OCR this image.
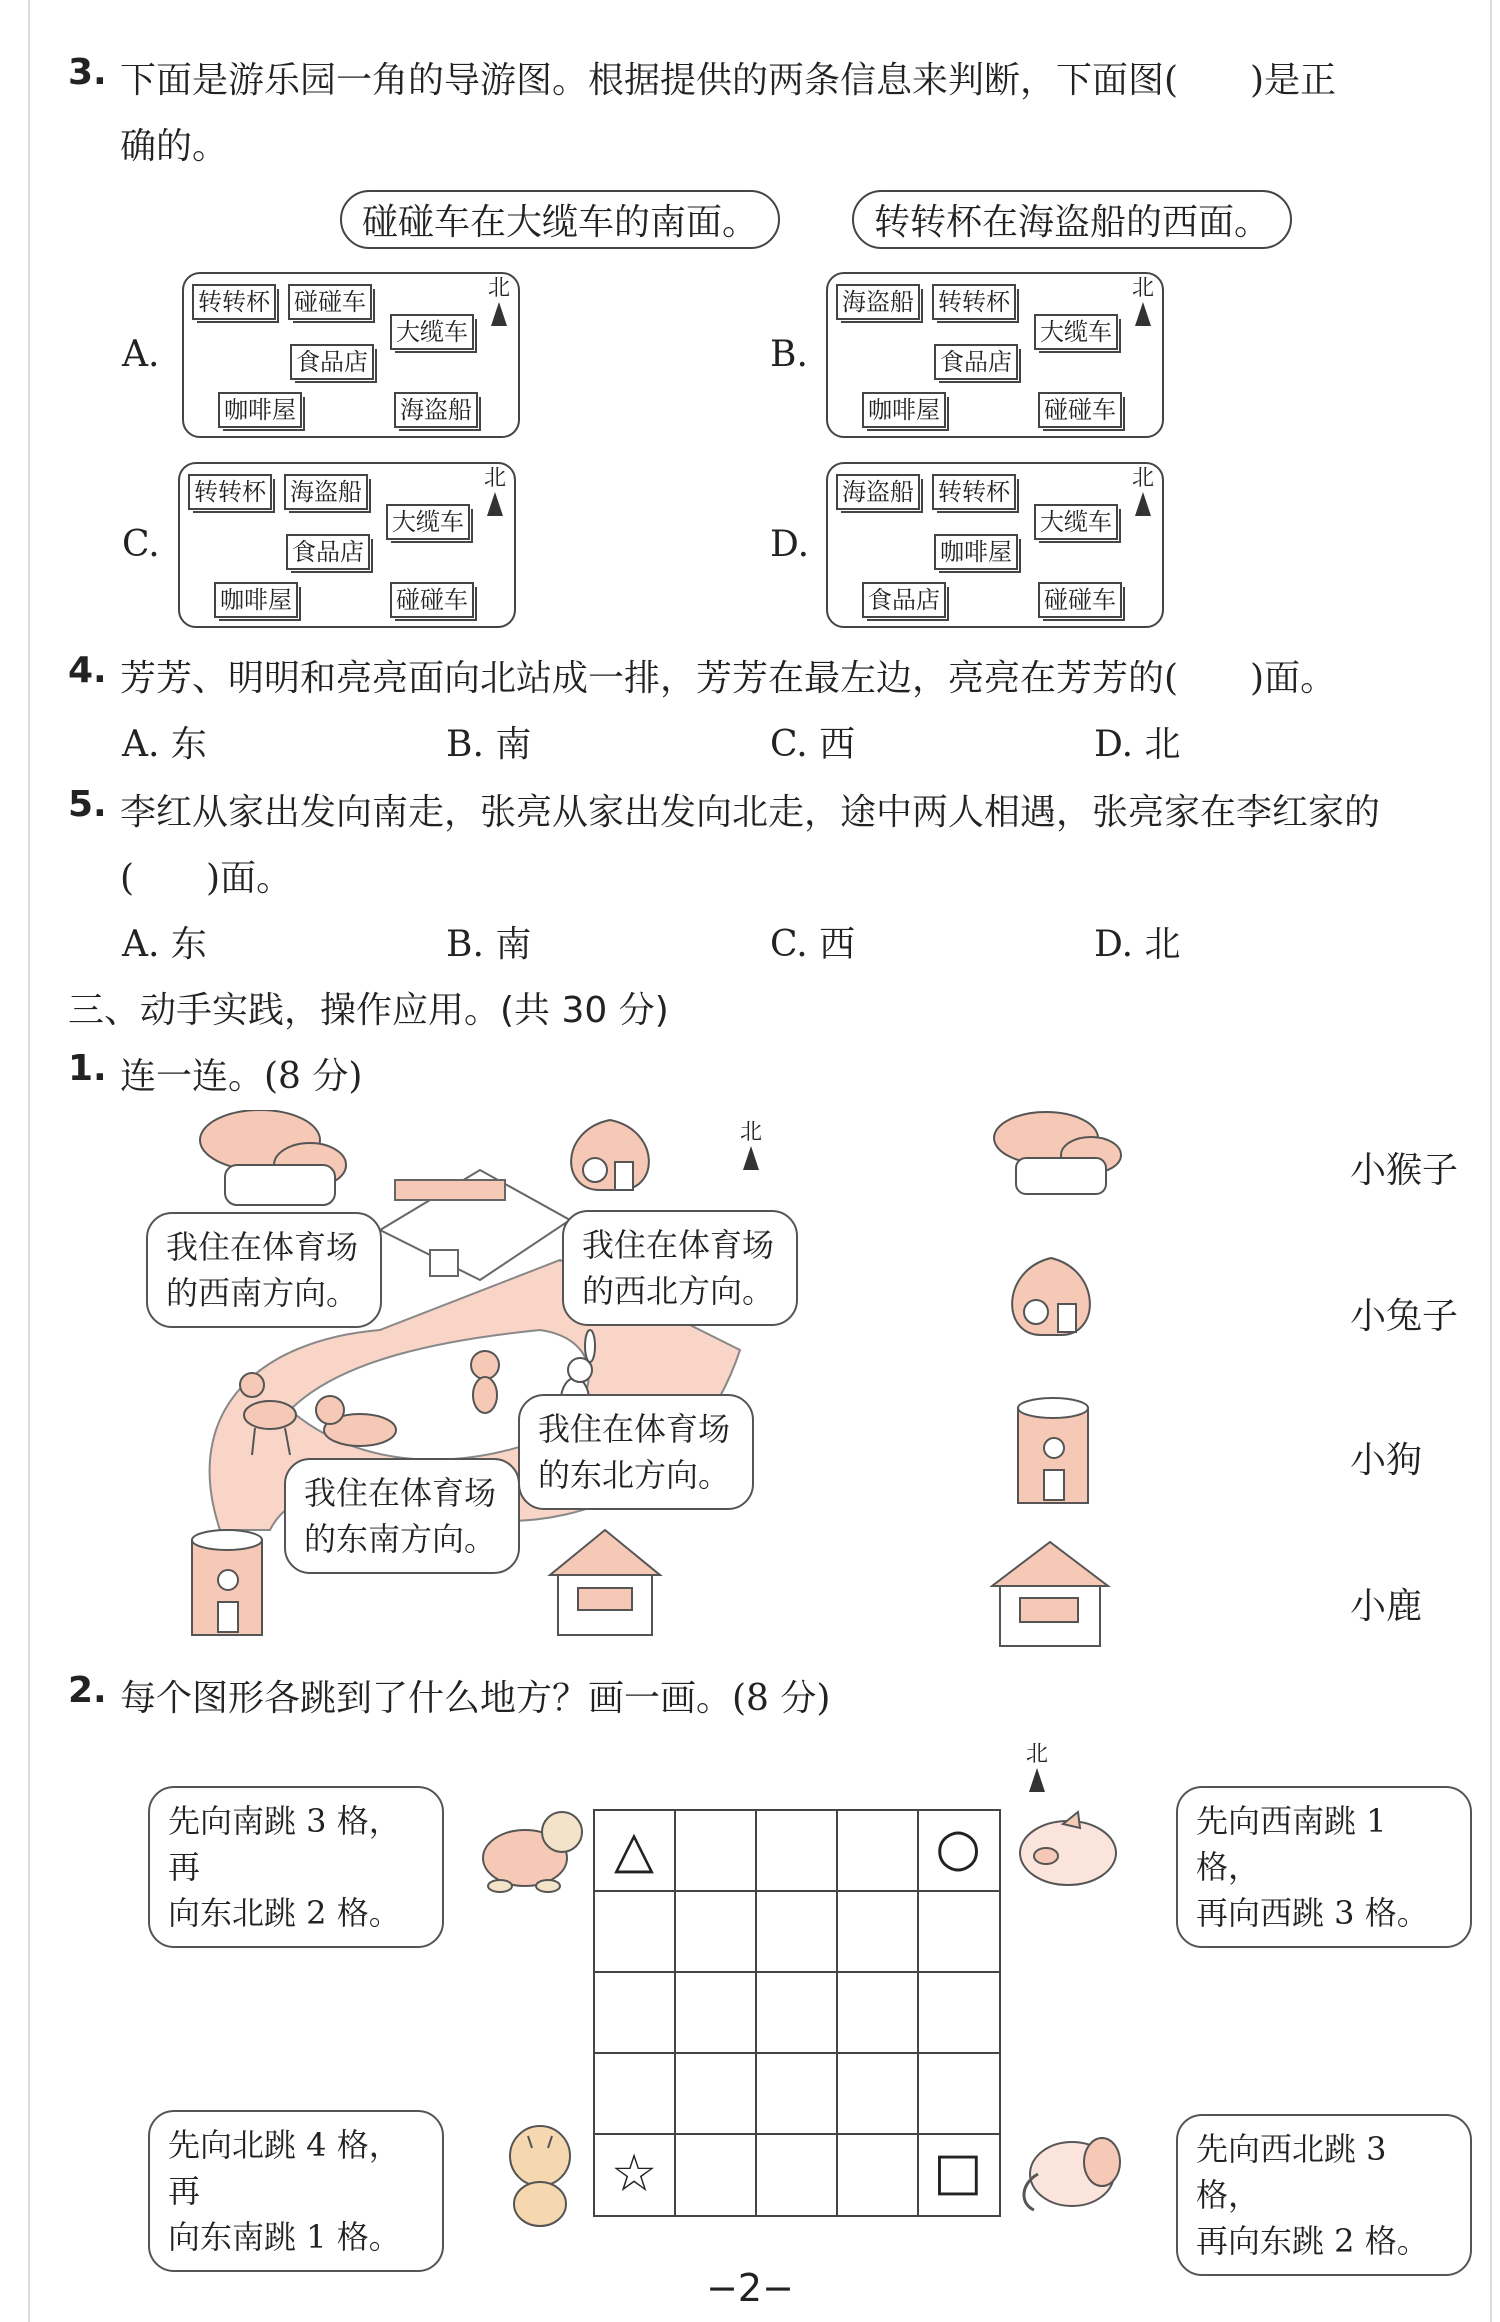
3. 下面是游乐园一角的导游图。根据提供的两条信息来判断，下面图(　　)是正
确的。
碰碰车在大缆车的南面。	转转杯在海盗船的西面。
A.
转转杯 碰碰车
大缆车
食品店
咖啡屋	海盗船
北
B.
海盗船 转转杯
大缆车
食品店
咖啡屋	碰碰车
北
C.
转转杯 海盗船
大缆车
食品店
咖啡屋	碰碰车
北
D.
海盗船 转转杯
大缆车
咖啡屋
食品店	碰碰车
北
4. 芳芳、明明和亮亮面向北站成一排，芳芳在最左边，亮亮在芳芳的(　　)面。
A. 东	B. 南	C. 西	D. 北
5. 李红从家出发向南走，张亮从家出发向北走，途中两人相遇，张亮家在李红家的
(　　)面。
A. 东	B. 南	C. 西	D. 北
三、动手实践，操作应用。(共 30 分)
1. 连一连。(8 分)
北
我住在体育场
的西南方向。
我住在体育场
的西北方向。
我住在体育场
的东北方向。
我住在体育场
的东南方向。
小猴子
小兔子
小狗
小鹿
2. 每个图形各跳到了什么地方？画一画。(8 分)
北
△	○
☆	□
先向南跳 3 格，再
向东北跳 2 格。
先向西南跳 1 格，
再向西跳 3 格。
先向北跳 4 格，再
向东南跳 1 格。
先向西北跳 3 格，
再向东跳 2 格。
−2−
